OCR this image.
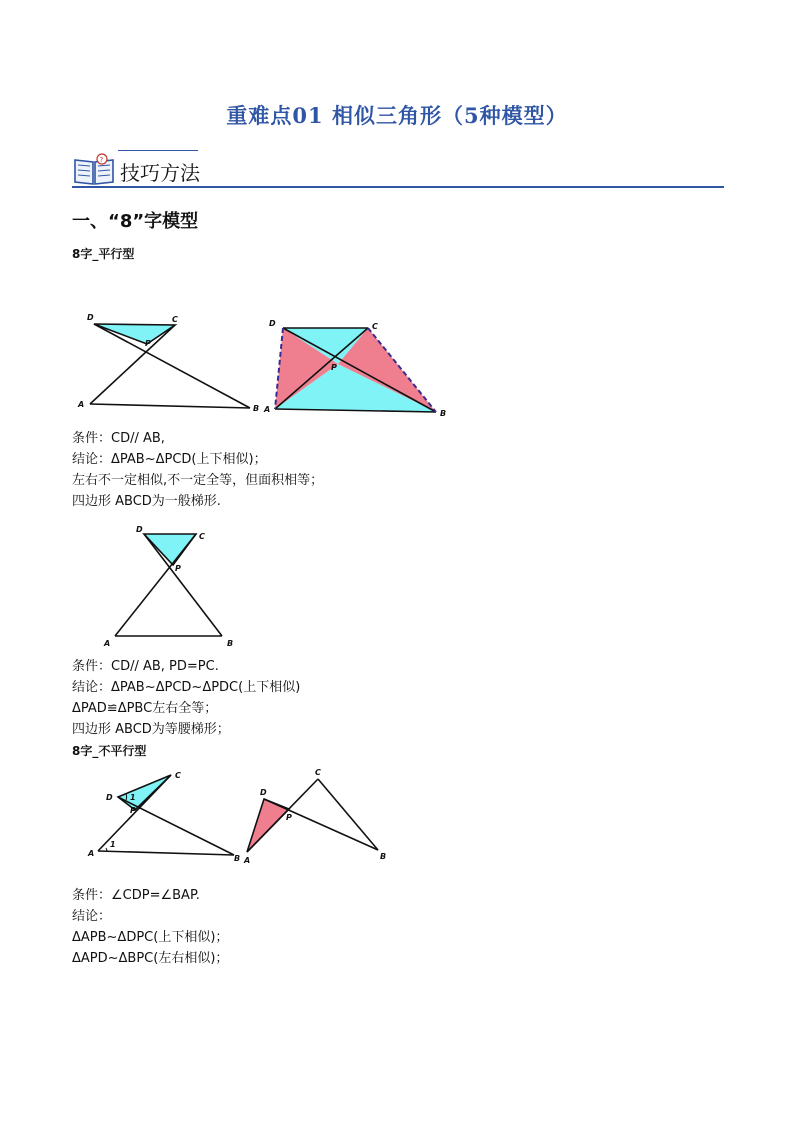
重难点01 相似三角形（5种模型）
?
技巧方法
一、“8”字模型
8字_平行型
D	C
P
A	B
D	C
P
A	B
条件：CD// AB,
结论：ΔPAB~ΔPCD(上下相似)；
左右不一定相似,不一定全等，但面积相等；
四边形 ABCD为一般梯形.
D
C
P
A	B
条件：CD// AB, PD=PC.
结论：ΔPAB~ΔPCD~ΔPDC(上下相似)
ΔPAD≌ΔPBC左右全等；
四边形 ABCD为等腰梯形；
8字_不平行型
1
1
D
C
P
A
B
D
C
P
A	B
条件：∠CDP=∠BAP.
结论：
ΔAPB~ΔDPC(上下相似)；
ΔAPD~ΔBPC(左右相似)；
